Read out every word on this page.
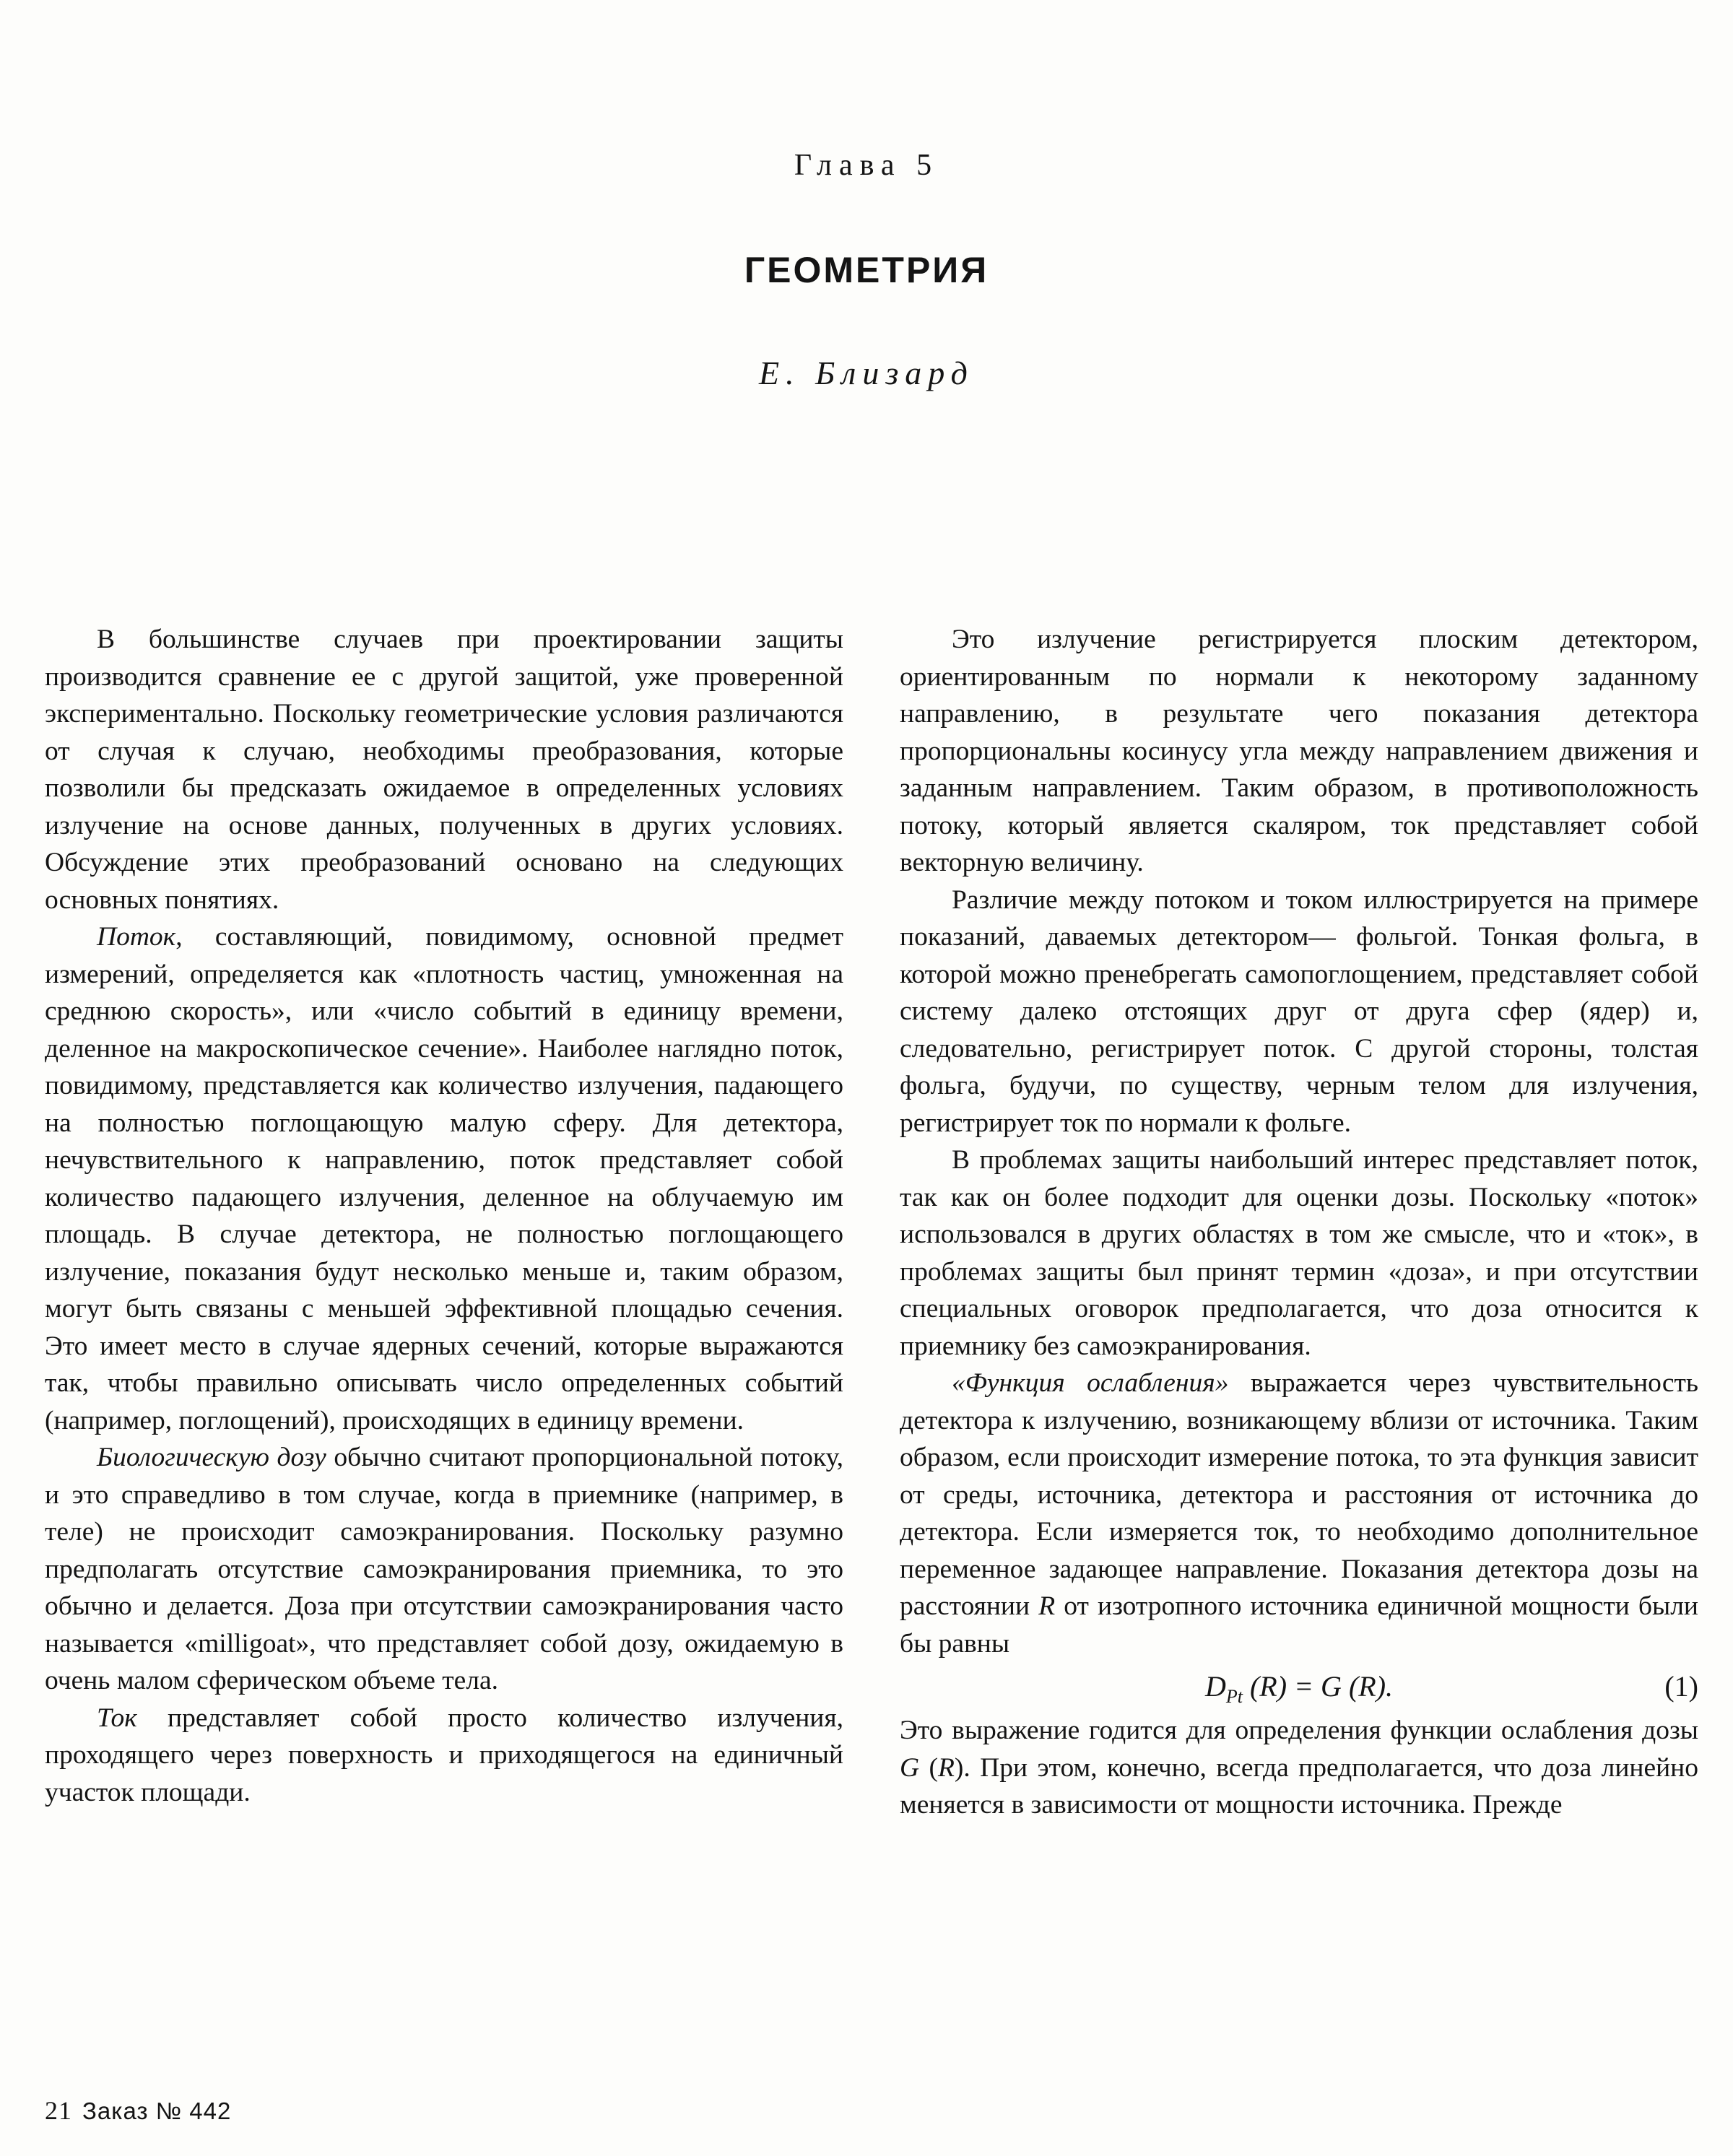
Глава 5
ГЕОМЕТРИЯ
Е. Близард

В большинстве случаев при проектировании защиты производится сравнение ее с другой защитой, уже проверенной экспериментально. Поскольку геометрические условия различаются от случая к случаю, необходимы преобразования, которые позволили бы предсказать ожидаемое в определенных условиях излучение на основе данных, полученных в других условиях. Обсуждение этих преобразований основано на следующих основных понятиях.

Поток, составляющий, повидимому, основной предмет измерений, определяется как «плотность частиц, умноженная на среднюю скорость», или «число событий в единицу времени, деленное на макроскопическое сечение». Наиболее наглядно поток, повидимому, представляется как количество излучения, падающего на полностью поглощающую малую сферу. Для детектора, нечувствительного к направлению, поток представляет собой количество падающего излучения, деленное на облучаемую им площадь. В случае детектора, не полностью поглощающего излучение, показания будут несколько меньше и, таким образом, могут быть связаны с меньшей эффективной площадью сечения. Это имеет место в случае ядерных сечений, которые выражаются так, чтобы правильно описывать число определенных событий (например, поглощений), происходящих в единицу времени.

Биологическую дозу обычно считают пропорциональной потоку, и это справедливо в том случае, когда в приемнике (например, в теле) не происходит самоэкранирования. Поскольку разумно предполагать отсутствие самоэкранирования приемника, то это обычно и делается. Доза при отсутствии самоэкранирования часто называется «milligoat», что представляет собой дозу, ожидаемую в очень малом сферическом объеме тела.

Ток представляет собой просто количество излучения, проходящего через поверхность и приходящегося на единичный участок площади.

Это излучение регистрируется плоским детектором, ориентированным по нормали к некоторому заданному направлению, в результате чего показания детектора пропорциональны косинусу угла между направлением движения и заданным направлением. Таким образом, в противоположность потоку, который является скаляром, ток представляет собой векторную величину.

Различие между потоком и током иллюстрируется на примере показаний, даваемых детектором— фольгой. Тонкая фольга, в которой можно пренебрегать самопоглощением, представляет собой систему далеко отстоящих друг от друга сфер (ядер) и, следовательно, регистрирует поток. С другой стороны, толстая фольга, будучи, по существу, черным телом для излучения, регистрирует ток по нормали к фольге.

В проблемах защиты наибольший интерес представляет поток, так как он более подходит для оценки дозы. Поскольку «поток» использовался в других областях в том же смысле, что и «ток», в проблемах защиты был принят термин «доза», и при отсутствии специальных оговорок предполагается, что доза относится к приемнику без самоэкранирования.

«Функция ослабления» выражается через чувствительность детектора к излучению, возникающему вблизи от источника. Таким образом, если происходит измерение потока, то эта функция зависит от среды, источника, детектора и расстояния от источника до детектора. Если измеряется ток, то необходимо дополнительное переменное задающее направление. Показания детектора дозы на расстоянии R от изотропного источника единичной мощности были бы равны

$D_{Pt}$ (R) = G (R).	(1)

Это выражение годится для определения функции ослабления дозы G (R). При этом, конечно, всегда предполагается, что доза линейно меняется в зависимости от мощности источника. Прежде

21 Заказ № 442
